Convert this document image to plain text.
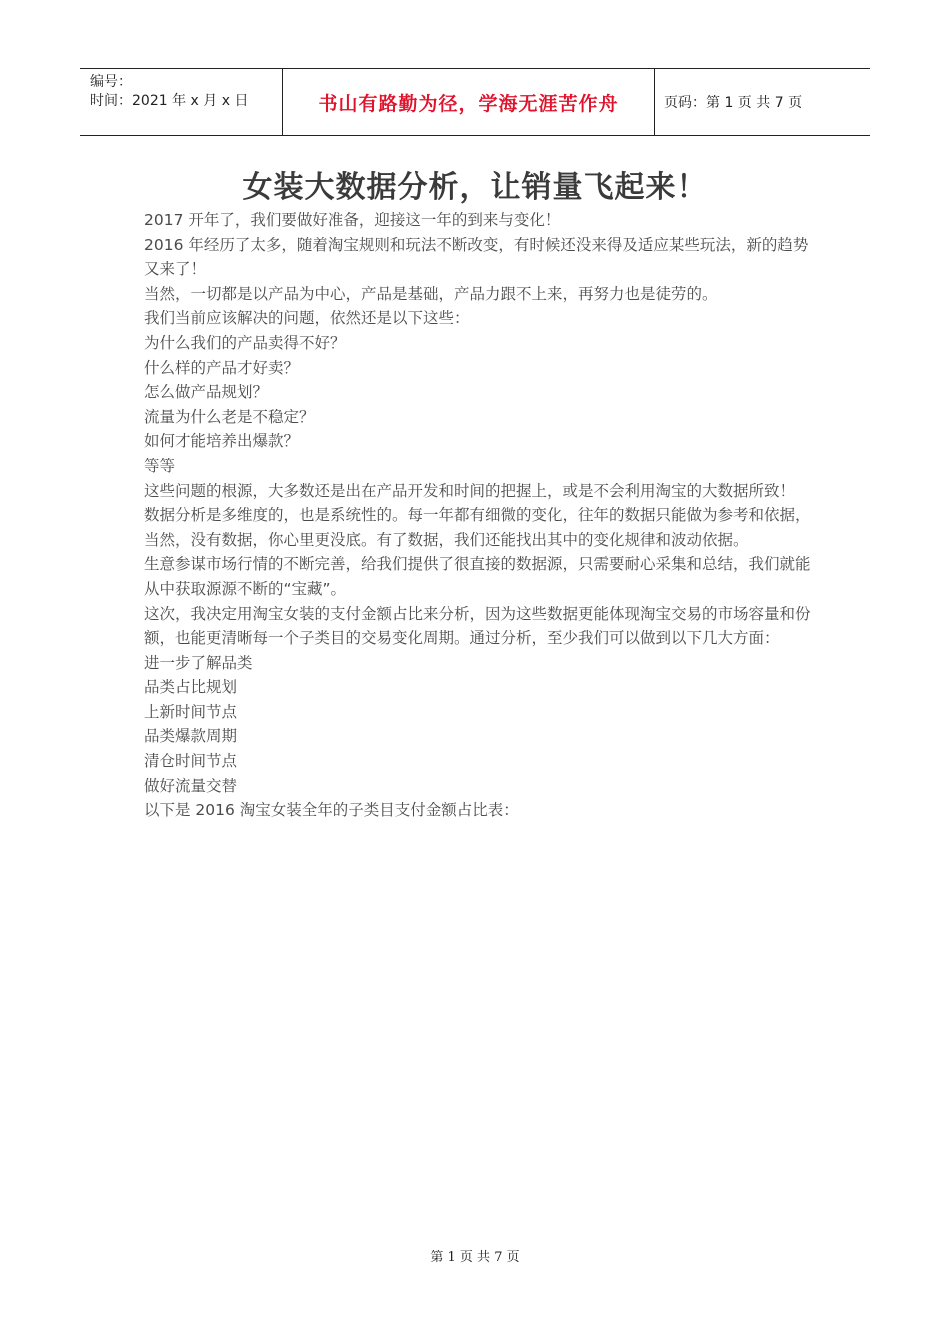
编号：
时间：2021 年 x 月 x 日	书山有路勤为径，学海无涯苦作舟	页码：第 1 页 共 7 页
女装大数据分析，让销量飞起来！

2017 开年了，我们要做好准备，迎接这一年的到来与变化！

2016 年经历了太多，随着淘宝规则和玩法不断改变，有时候还没来得及适应某些玩法，新的趋势又来了！

当然，一切都是以产品为中心，产品是基础，产品力跟不上来，再努力也是徒劳的。

我们当前应该解决的问题，依然还是以下这些：

为什么我们的产品卖得不好？

什么样的产品才好卖？

怎么做产品规划？

流量为什么老是不稳定？

如何才能培养出爆款？

等等

这些问题的根源，大多数还是出在产品开发和时间的把握上，或是不会利用淘宝的大数据所致！

数据分析是多维度的，也是系统性的。每一年都有细微的变化，往年的数据只能做为参考和依据，当然，没有数据，你心里更没底。有了数据，我们还能找出其中的变化规律和波动依据。

生意参谋市场行情的不断完善，给我们提供了很直接的数据源，只需要耐心采集和总结，我们就能从中获取源源不断的“宝藏”。

这次，我决定用淘宝女装的支付金额占比来分析，因为这些数据更能体现淘宝交易的市场容量和份额，也能更清晰每一个子类目的交易变化周期。通过分析，至少我们可以做到以下几大方面：

进一步了解品类

品类占比规划

上新时间节点

品类爆款周期

清仓时间节点

做好流量交替

以下是 2016 淘宝女装全年的子类目支付金额占比表：

第 1 页 共 7 页
